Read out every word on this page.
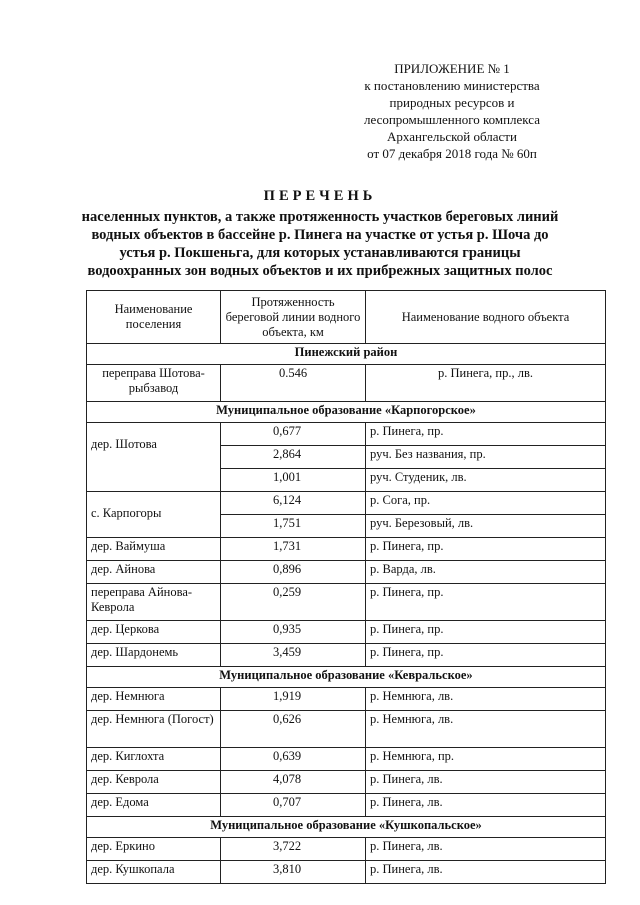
ПРИЛОЖЕНИЕ № 1
к постановлению министерства
природных ресурсов и
лесопромышленного комплекса
Архангельской области
от 07 декабря 2018 года № 60п
ПЕРЕЧЕНЬ
населенных пунктов, а также протяженность участков береговых линий
водных объектов в бассейне р. Пинега на участке от устья р. Шоча до
устья р. Покшеньга, для которых устанавливаются границы
водоохранных зон водных объектов и их прибрежных защитных полос
Наименование поселения	Протяженность береговой линии водного объекта, км	Наименование водного объекта
Пинежский район		
переправа Шотова-рыбзавод	0.546	р. Пинега, пр., лв.
Муниципальное образование «Карпогорское»		
дер. Шотова	0,677	р. Пинега, пр.
	2,864	руч. Без названия, пр.
	1,001	руч. Студеник, лв.
с. Карпогоры	6,124	р. Сога, пр.
	1,751	руч. Березовый, лв.
дер. Ваймуша	1,731	р. Пинега, пр.
дер. Айнова	0,896	р. Варда, лв.
переправа Айнова-Кеврола	0,259	р. Пинега, пр.
дер. Церкова	0,935	р. Пинега, пр.
дер. Шардонемь	3,459	р. Пинега, пр.
Муниципальное образование «Кевральское»		
дер. Немнюга	1,919	р. Немнюга, лв.
дер. Немнюга (Погост)	0,626	р. Немнюга, лв.
дер. Киглохта	0,639	р. Немнюга, пр.
дер. Кеврола	4,078	р. Пинега, лв.
дер. Едома	0,707	р. Пинега, лв.
Муниципальное образование «Кушкопальское»		
дер. Еркино	3,722	р. Пинега, лв.
дер. Кушкопала	3,810	р. Пинега, лв.
